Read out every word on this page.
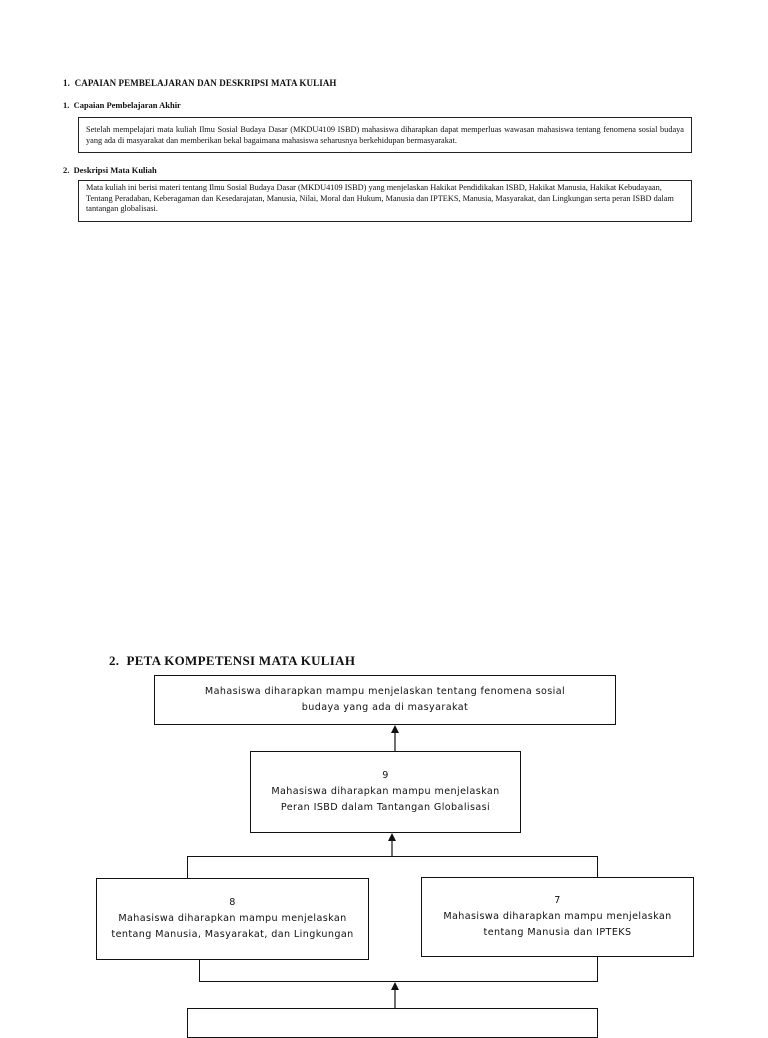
1. CAPAIAN PEMBELAJARAN DAN DESKRIPSI MATA KULIAH
1. Capaian Pembelajaran Akhir
Setelah mempelajari mata kuliah Ilmu Sosial Budaya Dasar (MKDU4109 ISBD) mahasiswa diharapkan dapat memperluas wawasan mahasiswa tentang fenomena sosial budaya yang ada di masyarakat dan memberikan bekal bagaimana mahasiswa seharusnya berkehidupan bermasyarakat.
2. Deskripsi Mata Kuliah
Mata kuliah ini berisi materi tentang Ilmu Sosial Budaya Dasar (MKDU4109 ISBD) yang menjelaskan Hakikat Pendidikakan ISBD, Hakikat Manusia, Hakikat Kebudayaan, Tentang Peradaban, Keberagaman dan Kesedarajatan, Manusia, Nilai, Moral dan Hukum, Manusia dan IPTEKS, Manusia, Masyarakat, dan Lingkungan serta peran ISBD dalam tantangan globalisasi.
2. PETA KOMPETENSI MATA KULIAH
Mahasiswa diharapkan mampu menjelaskan tentang fenomena sosial budaya yang ada di masyarakat
9
Mahasiswa diharapkan mampu menjelaskan Peran ISBD dalam Tantangan Globalisasi
8
Mahasiswa diharapkan mampu menjelaskan tentang Manusia, Masyarakat, dan Lingkungan
7
Mahasiswa diharapkan mampu menjelaskan tentang Manusia dan IPTEKS
